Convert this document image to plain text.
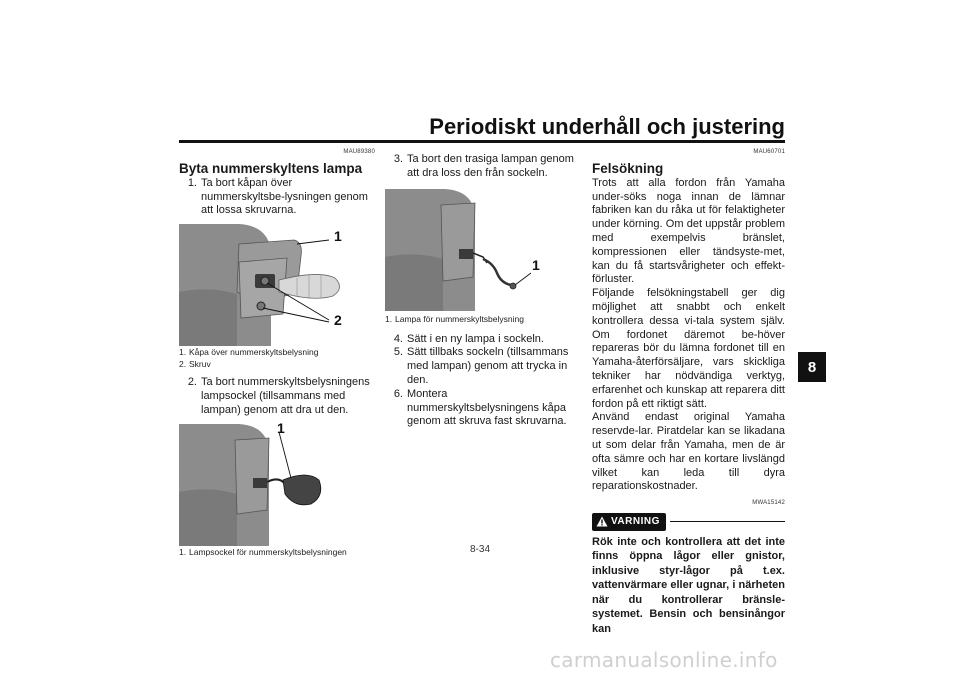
Periodiskt underhåll och justering
8
MAU89380
Byta nummerskyltens lampa
1. Ta bort kåpan över nummerskyltsbe-lysningen genom att lossa skruvarna.
1
2
1. Kåpa över nummerskyltsbelysning
2. Skruv
2. Ta bort nummerskyltsbelysningens lampsockel (tillsammans med lampan) genom att dra ut den.
1
1. Lampsockel för nummerskyltsbelysningen
3. Ta bort den trasiga lampan genom att dra loss den från sockeln.
1
1. Lampa för nummerskyltsbelysning
4. Sätt i en ny lampa i sockeln.
5. Sätt tillbaks sockeln (tillsammans med lampan) genom att trycka in den.
6. Montera nummerskyltsbelysningens kåpa genom att skruva fast skruvarna.
MAU60701
Felsökning
Trots att alla fordon från Yamaha under-söks noga innan de lämnar fabriken kan du råka ut för felaktigheter under körning. Om det uppstår problem med exempelvis bränslet, kompressionen eller tändsyste-met, kan du få startsvårigheter och effekt-förluster.
Följande felsökningstabell ger dig möjlighet att snabbt och enkelt kontrollera dessa vi-tala system själv. Om fordonet däremot be-höver repareras bör du lämna fordonet till en Yamaha-återförsäljare, vars skickliga tekniker har nödvändiga verktyg, erfarenhet och kunskap att reparera ditt fordon på ett riktigt sätt.
Använd endast original Yamaha reservde-lar. Piratdelar kan se likadana ut som delar från Yamaha, men de är ofta sämre och har en kortare livslängd vilket kan leda till dyra reparationskostnader.
MWA15142
VARNING
Rök inte och kontrollera att det inte finns öppna lågor eller gnistor, inklusive styr-lågor på t.ex. vattenvärmare eller ugnar, i närheten när du kontrollerar bränsle-systemet. Bensin och bensinångor kan
8-34
carmanualsonline.info
